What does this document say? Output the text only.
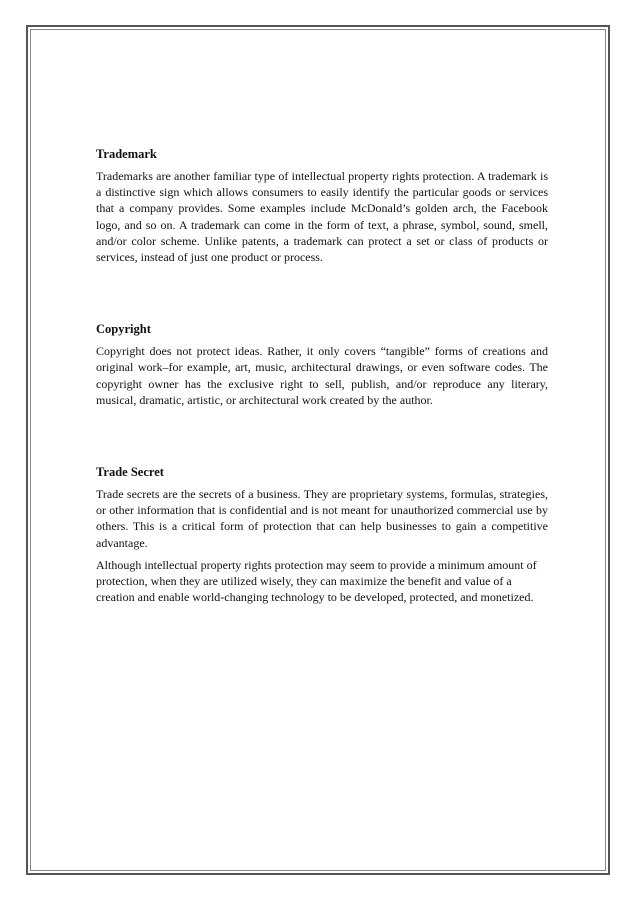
Trademark

Trademarks are another familiar type of intellectual property rights protection. A trademark is a distinctive sign which allows consumers to easily identify the particular goods or services that a company provides. Some examples include McDonald’s golden arch, the Facebook logo, and so on. A trademark can come in the form of text, a phrase, symbol, sound, smell, and/or color scheme. Unlike patents, a trademark can protect a set or class of products or services, instead of just one product or process.

Copyright

Copyright does not protect ideas. Rather, it only covers “tangible” forms of creations and original work–for example, art, music, architectural drawings, or even software codes. The copyright owner has the exclusive right to sell, publish, and/or reproduce any literary, musical, dramatic, artistic, or architectural work created by the author.

Trade Secret

Trade secrets are the secrets of a business. They are proprietary systems, formulas, strategies, or other information that is confidential and is not meant for unauthorized commercial use by others. This is a critical form of protection that can help businesses to gain a competitive advantage.

Although intellectual property rights protection may seem to provide a minimum amount of protection, when they are utilized wisely, they can maximize the benefit and value of a creation and enable world-changing technology to be developed, protected, and monetized.
